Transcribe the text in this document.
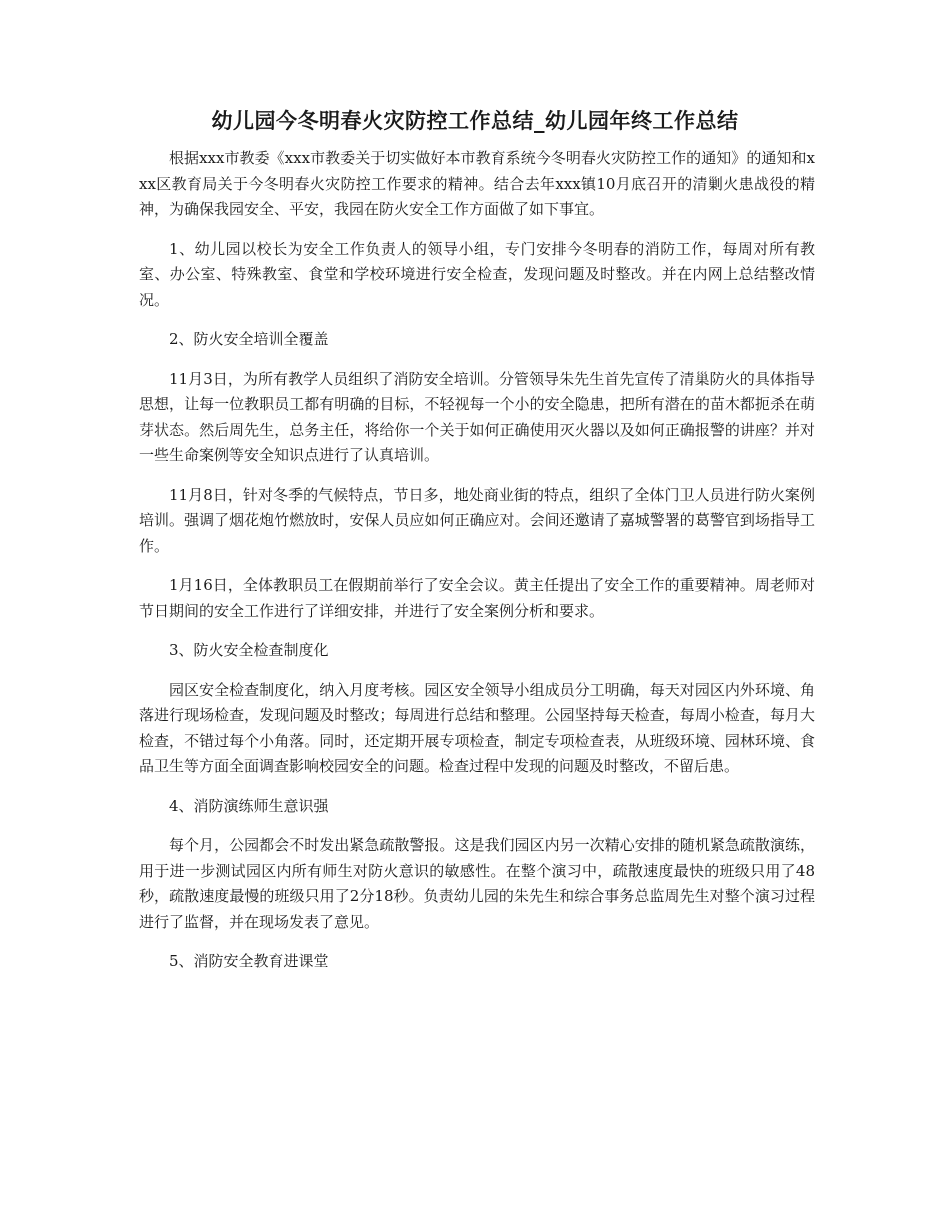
幼儿园今冬明春火灾防控工作总结_幼儿园年终工作总结

根据xxx市教委《xxx市教委关于切实做好本市教育系统今冬明春火灾防控工作的通知》的通知和xxx区教育局关于今冬明春火灾防控工作要求的精神。结合去年xxx镇10月底召开的清剿火患战役的精神，为确保我园安全、平安，我园在防火安全工作方面做了如下事宜。

1、幼儿园以校长为安全工作负责人的领导小组，专门安排今冬明春的消防工作，每周对所有教室、办公室、特殊教室、食堂和学校环境进行安全检查，发现问题及时整改。并在内网上总结整改情况。

2、防火安全培训全覆盖

11月3日，为所有教学人员组织了消防安全培训。分管领导朱先生首先宣传了清巢防火的具体指导思想，让每一位教职员工都有明确的目标，不轻视每一个小的安全隐患，把所有潜在的苗木都扼杀在萌芽状态。然后周先生，总务主任，将给你一个关于如何正确使用灭火器以及如何正确报警的讲座？并对一些生命案例等安全知识点进行了认真培训。

11月8日，针对冬季的气候特点，节日多，地处商业街的特点，组织了全体门卫人员进行防火案例培训。强调了烟花炮竹燃放时，安保人员应如何正确应对。会间还邀请了嘉城警署的葛警官到场指导工作。

1月16日，全体教职员工在假期前举行了安全会议。黄主任提出了安全工作的重要精神。周老师对节日期间的安全工作进行了详细安排，并进行了安全案例分析和要求。

3、防火安全检查制度化

园区安全检查制度化，纳入月度考核。园区安全领导小组成员分工明确，每天对园区内外环境、角落进行现场检查，发现问题及时整改；每周进行总结和整理。公园坚持每天检查，每周小检查，每月大检查，不错过每个小角落。同时，还定期开展专项检查，制定专项检查表，从班级环境、园林环境、食品卫生等方面全面调查影响校园安全的问题。检查过程中发现的问题及时整改，不留后患。

4、消防演练师生意识强

每个月，公园都会不时发出紧急疏散警报。这是我们园区内另一次精心安排的随机紧急疏散演练，用于进一步测试园区内所有师生对防火意识的敏感性。在整个演习中，疏散速度最快的班级只用了48秒，疏散速度最慢的班级只用了2分18秒。负责幼儿园的朱先生和综合事务总监周先生对整个演习过程进行了监督，并在现场发表了意见。

5、消防安全教育进课堂
